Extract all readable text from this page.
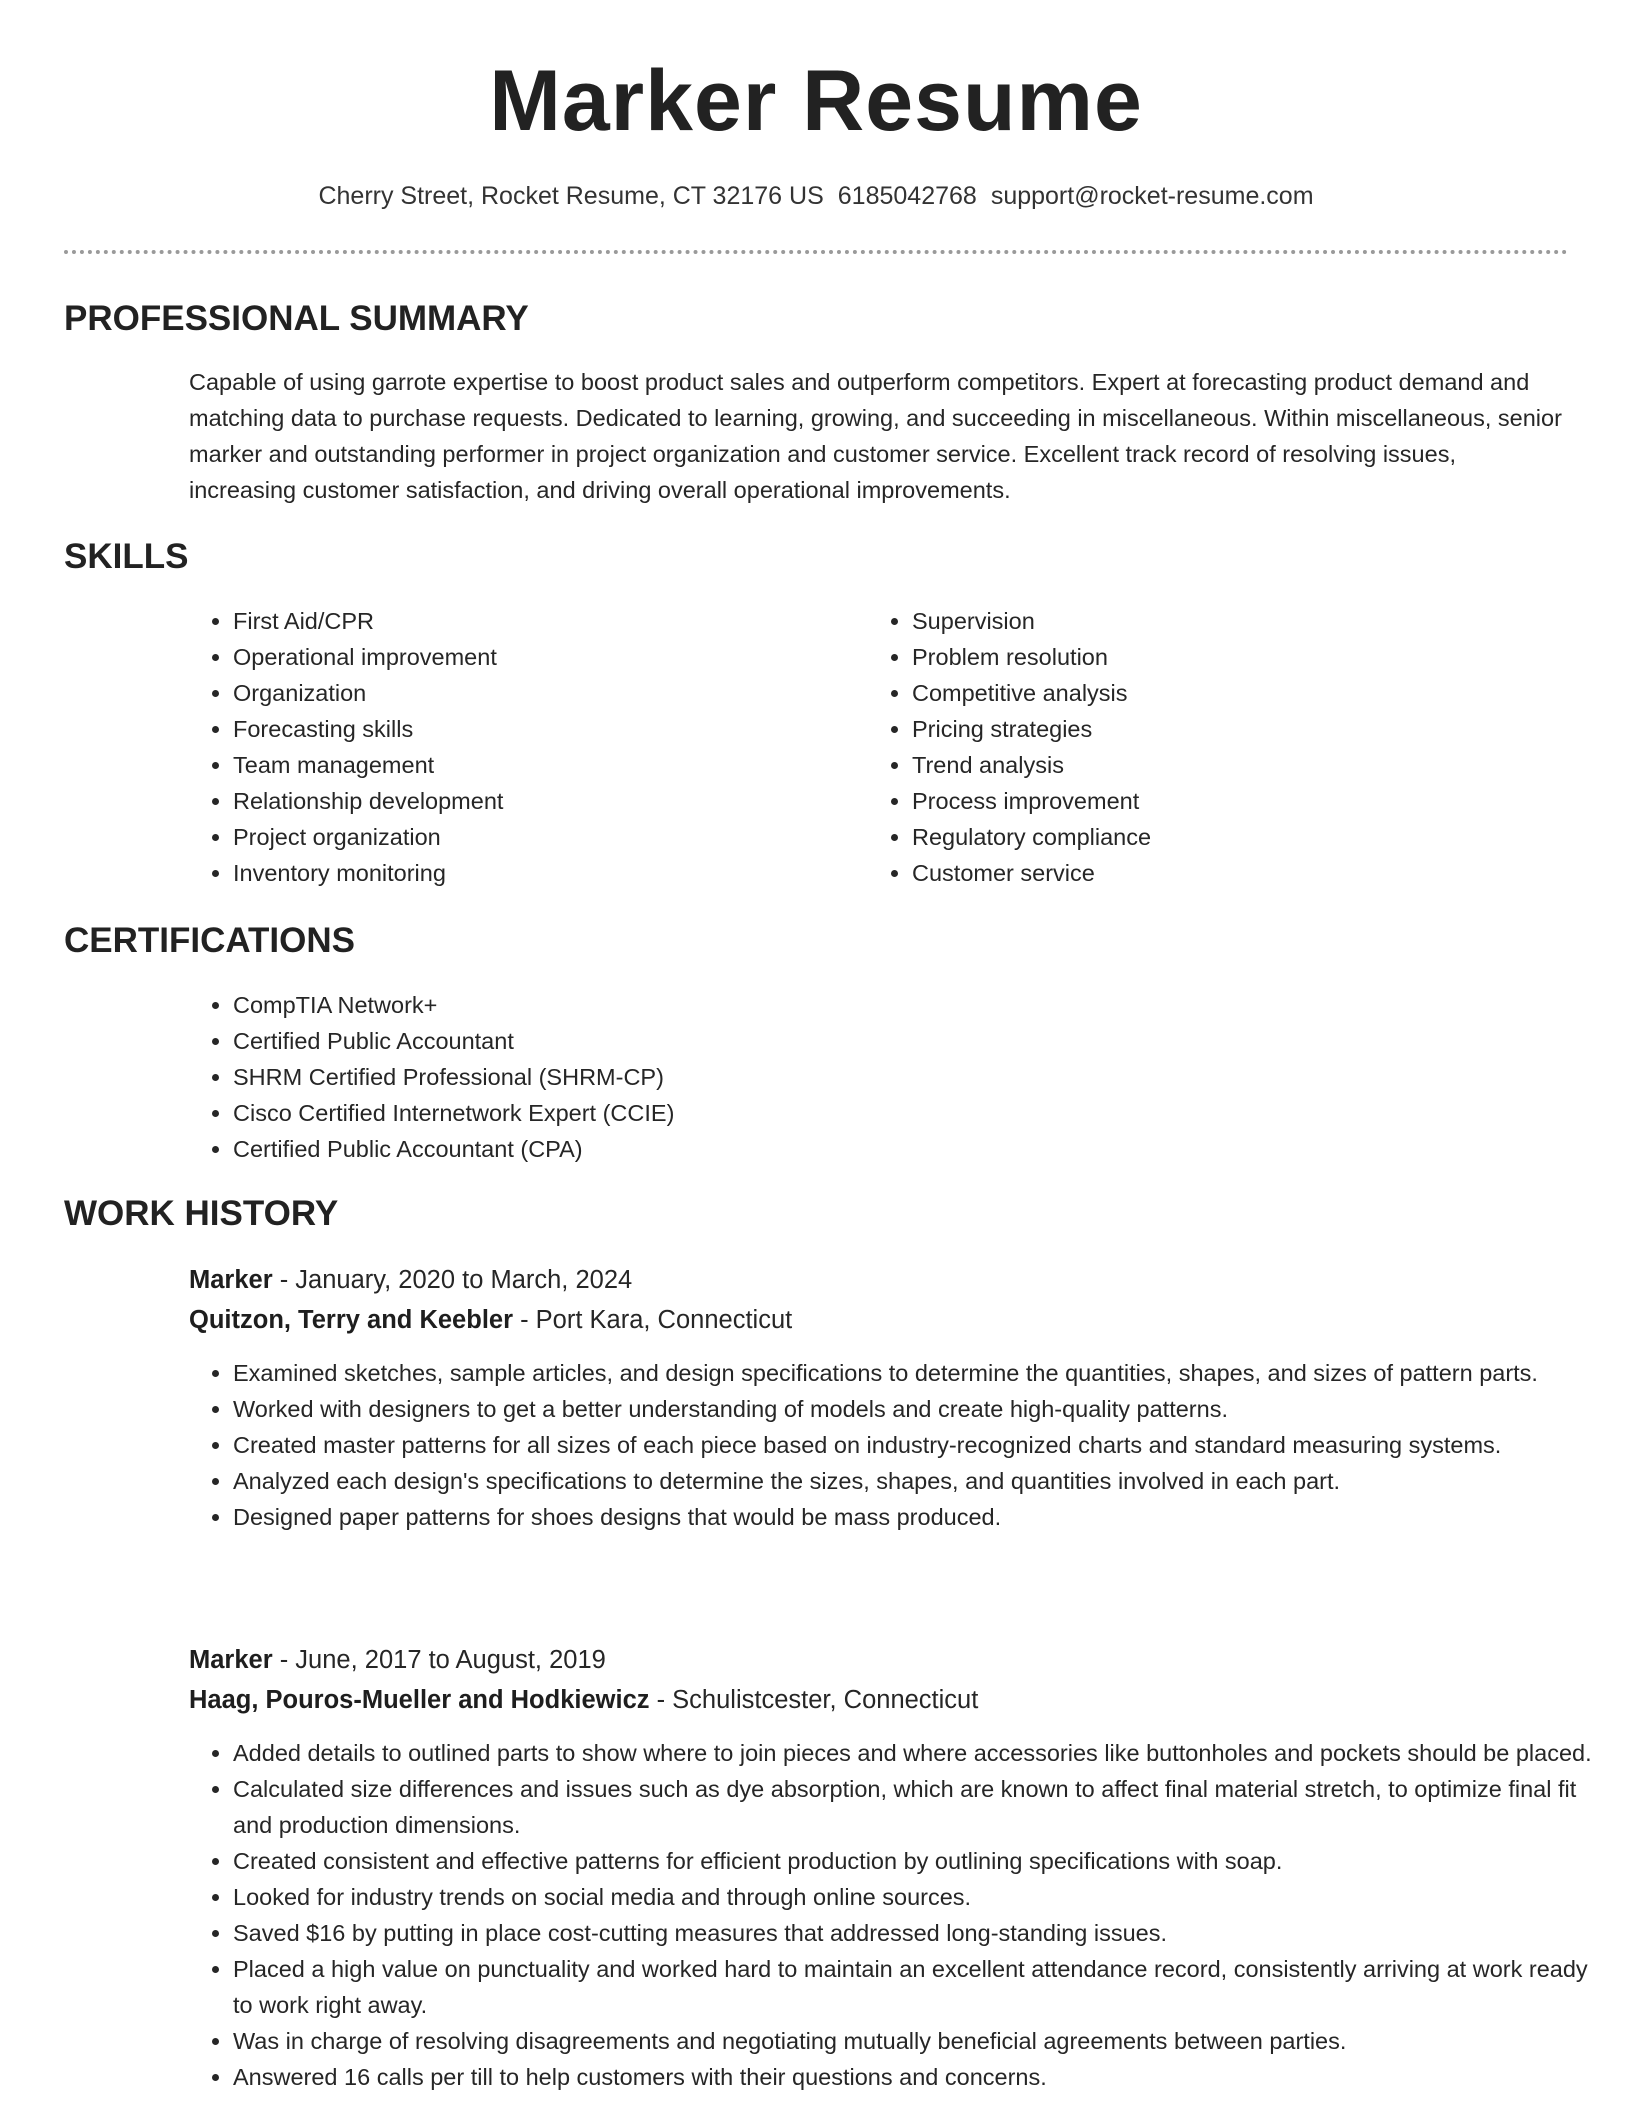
Marker Resume
Cherry Street, Rocket Resume, CT 32176 US 6185042768 support@rocket-resume.com
PROFESSIONAL SUMMARY

Capable of using garrote expertise to boost product sales and outperform competitors. Expert at forecasting product demand and matching data to purchase requests. Dedicated to learning, growing, and succeeding in miscellaneous. Within miscellaneous, senior marker and outstanding performer in project organization and customer service. Excellent track record of resolving issues, increasing customer satisfaction, and driving overall operational improvements.

SKILLS
• First Aid/CPR
• Operational improvement
• Organization
• Forecasting skills
• Team management
• Relationship development
• Project organization
• Inventory monitoring
• Supervision
• Problem resolution
• Competitive analysis
• Pricing strategies
• Trend analysis
• Process improvement
• Regulatory compliance
• Customer service
CERTIFICATIONS
• CompTIA Network+
• Certified Public Accountant
• SHRM Certified Professional (SHRM-CP)
• Cisco Certified Internetwork Expert (CCIE)
• Certified Public Accountant (CPA)
WORK HISTORY
Marker - January, 2020 to March, 2024
Quitzon, Terry and Keebler - Port Kara, Connecticut
• Examined sketches, sample articles, and design specifications to determine the quantities, shapes, and sizes of pattern parts.
• Worked with designers to get a better understanding of models and create high-quality patterns.
• Created master patterns for all sizes of each piece based on industry-recognized charts and standard measuring systems.
• Analyzed each design's specifications to determine the sizes, shapes, and quantities involved in each part.
• Designed paper patterns for shoes designs that would be mass produced.
Marker - June, 2017 to August, 2019
Haag, Pouros-Mueller and Hodkiewicz - Schulistcester, Connecticut
• Added details to outlined parts to show where to join pieces and where accessories like buttonholes and pockets should be placed.
• Calculated size differences and issues such as dye absorption, which are known to affect final material stretch, to optimize final fit and production dimensions.
• Created consistent and effective patterns for efficient production by outlining specifications with soap.
• Looked for industry trends on social media and through online sources.
• Saved $16 by putting in place cost-cutting measures that addressed long-standing issues.
• Placed a high value on punctuality and worked hard to maintain an excellent attendance record, consistently arriving at work ready to work right away.
• Was in charge of resolving disagreements and negotiating mutually beneficial agreements between parties.
• Answered 16 calls per till to help customers with their questions and concerns.
